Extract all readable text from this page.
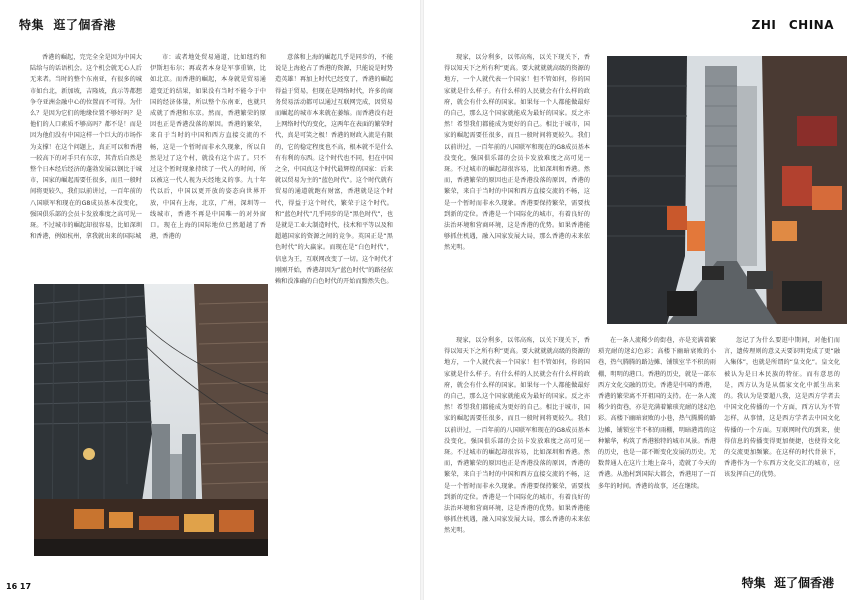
特集 逛了個香港

香港的崛起，完完全全是因为中国大陆给与的话语机会。这个机会就无心人后无来者。当时的整个东南亚，有很多的城市如台北，新加坡，吉隆坡，真示等都想争夺亚洲金融中心的位置而不可得。为什么？是因为它们的地缘位置不够好吗？是他们的人口素质不够高吗？都不是！而是因为他们没有中国这样一个巨大的市场作为支撑！在这个问题上，真正可以和香港一较高下的对手只有东京，其背后自然是整个日本经后经济的蓬勃发展以钢比于城市，国家的崛起需要任很多，而且一般时间将更较久，我们以前讲过，一百年前的八国联军和现在的G8成员基本没变化，强国俱乐部的会员卡发放难度之高可见一斑。不过城市的崛起却很容易，比如深圳和香港，例如杭州，拿我就出来的国际城

市：或者地处贸易通道，比如纽约和伊斯坦布尔；再或者本身是军事重镇，比如北京。而香港的崛起，本身就是贸易通道变迁的结果，如果没有当时不能今于中国的经济体量，所以整个东南亚，也就只成就了香港和东京。然而，香港繁荣的原因也正是香港没落的原因。香港的繁荣，来自于当时的中国和西方直接交流的不畅，这是一个暂时而非永久现象，所以自然是过了这个村，就没有这个店了。只不过这个暂时现象持续了一代人的时间，所以被这一代人视为天经地义的事。九十年代以后，中国以更开放的姿态向世界开放，中国有上海，北京，广州，深圳等一线城市，香港不再是中国唯一的对外窗口。现在上海的国际地位已然超越了香港，香港的

意落和上海的崛起几乎是同步的，不能说是上海抢占了香港的资源，只能说是时势造英雄！再加上时代已经变了，香港的崛起得益于贸易，但现在是网络时代，许多的商务贸易活动都可以通过互联网完成，因贸易而崛起的城市本来就在萎缩。而香港没有赶上网络时代的变化，这两年在表面的繁荣时代，真是可笑之极！香港的财政入流是有限的，它的稳定程度也不高，根本就不是什么有有利的东西。这个时代也不同，但在中国之全，中国真这个时代最辉煌的国家：后来就以贸易为主的“蓝色时代”。这个时代就有贸易的通道就跑有财富，香港就是这个时代，得益于这个时代，繁荣于这个时代。和“蓝色时代”几乎同步的是“黑色时代”，也是就是工业大制造时代，技术和平等以及和超越国家的资源之间的竞争。英国正是“黑色时代”的大赢家。而现在是“白色时代”，信息为王，互联网改变了一切。这个时代才刚刚开始，香港却因为“蓝色时代”的路径依赖和没准确的白色时代的开始而黯然失色。

16 17
ZHI　CHINA

现家，以分利多，以邻高殇，以关下现关下，香得以知天下之所有利“更高。要大就就就高级的资源的地方，一个人就代表一个国家！但不管如何，你的国家就是什么样子。有什么样的人民就会有什么样的政府，就会有什么样的国家。如果每一个人都能做最好的自己，那么这个国家就能成为最好的国家。反之亦然！希望我们都能成为更好的自己。相比于城市，国家的崛起需要任很多，而且一般时间将更较久。我们以前讲过，一百年前的八国联军和现在的G8成员基本没变化，强国俱乐部的会员卡发放难度之高可见一斑。不过城市的崛起却很容易，比如深圳和香港。然而，香港繁荣的原因也正是香港没落的原因，香港的繁荣，来自于当时的中国和西方直接交流的不畅，这是一个暂时而非永久现象。香港要保持繁荣，需要找到新的定位。香港是一个国际化的城市，有着良好的法治环境和营商环境，这是香港的优势。如果香港能够抓住机遇，融入国家发展大局，那么香港的未来依然光明。

现家，以分利多，以邻高殇，以关下现关下，香得以知天下之所有利“更高。要大就就就高级的资源的地方，一个人就代表一个国家！但不管如何，你的国家就是什么样子。有什么样的人民就会有什么样的政府，就会有什么样的国家。如果每一个人都能做最好的自己，那么这个国家就能成为最好的国家。反之亦然！希望我们都能成为更好的自己。相比于城市，国家的崛起需要任很多，而且一般时间将更较久。我们以前讲过，一百年前的八国联军和现在的G8成员基本没变化，强国俱乐部的会员卡发放难度之高可见一斑。不过城市的崛起却很容易，比如深圳和香港。然而，香港繁荣的原因也正是香港没落的原因，香港的繁荣，来自于当时的中国和西方直接交流的不畅，这是一个暂时而非永久现象。香港要保持繁荣，需要找到新的定位。香港是一个国际化的城市，有着良好的法治环境和营商环境，这是香港的优势。如果香港能够抓住机遇，融入国家发展大局，那么香港的未来依然光明。

在一条人流稀少的街巷，亦是充满着繁琐充耐的迷幻色彩；高楼下幽暗衰败的小巷，热气腾腾的路边摊、铺锁室半不积的雨棚，明明的港口。香港的历史，就是一部东西方文化交融的历史。香港是中国的香港，香港的繁荣离不开祖国的支持。在一条人流稀少的街巷，亦是充满着繁琐充耐的迷幻色彩。高楼下幽暗衰败的小巷，热气腾腾的路边摊，铺锁室半不积的雨棚，明暗港湾的这种繁华，构筑了香港独特的城市风景。香港的历史，也是一部不断变化发展的历史。无数普通人在这片土地上奋斗，造就了今天的香港。从渔村到国际大都会，香港用了一百多年的时间。香港的故事，还在继续。

忽记了为什么要逛中期间，对他们而言，遗传理则的意义天要识明党成了更“融入集体”，也就是所谓的“皇文化”。皇文化被认为是日本民族的特征。而有意思的是，西方认为是从儒家文化中派生出来的。我认为是要超八我，这是西方学者去中国文化传播的一个方面，西方认为不管怎样，从事情，这是西方学者去中国文化传播的一个方面。互联网时代的到来，使得信息的传播变得更加便捷，也使得文化的交流更加频繁。在这样的时代背景下，香港作为一个东西方文化交汇的城市，应该发挥自己的优势。

特集 逛了個香港
